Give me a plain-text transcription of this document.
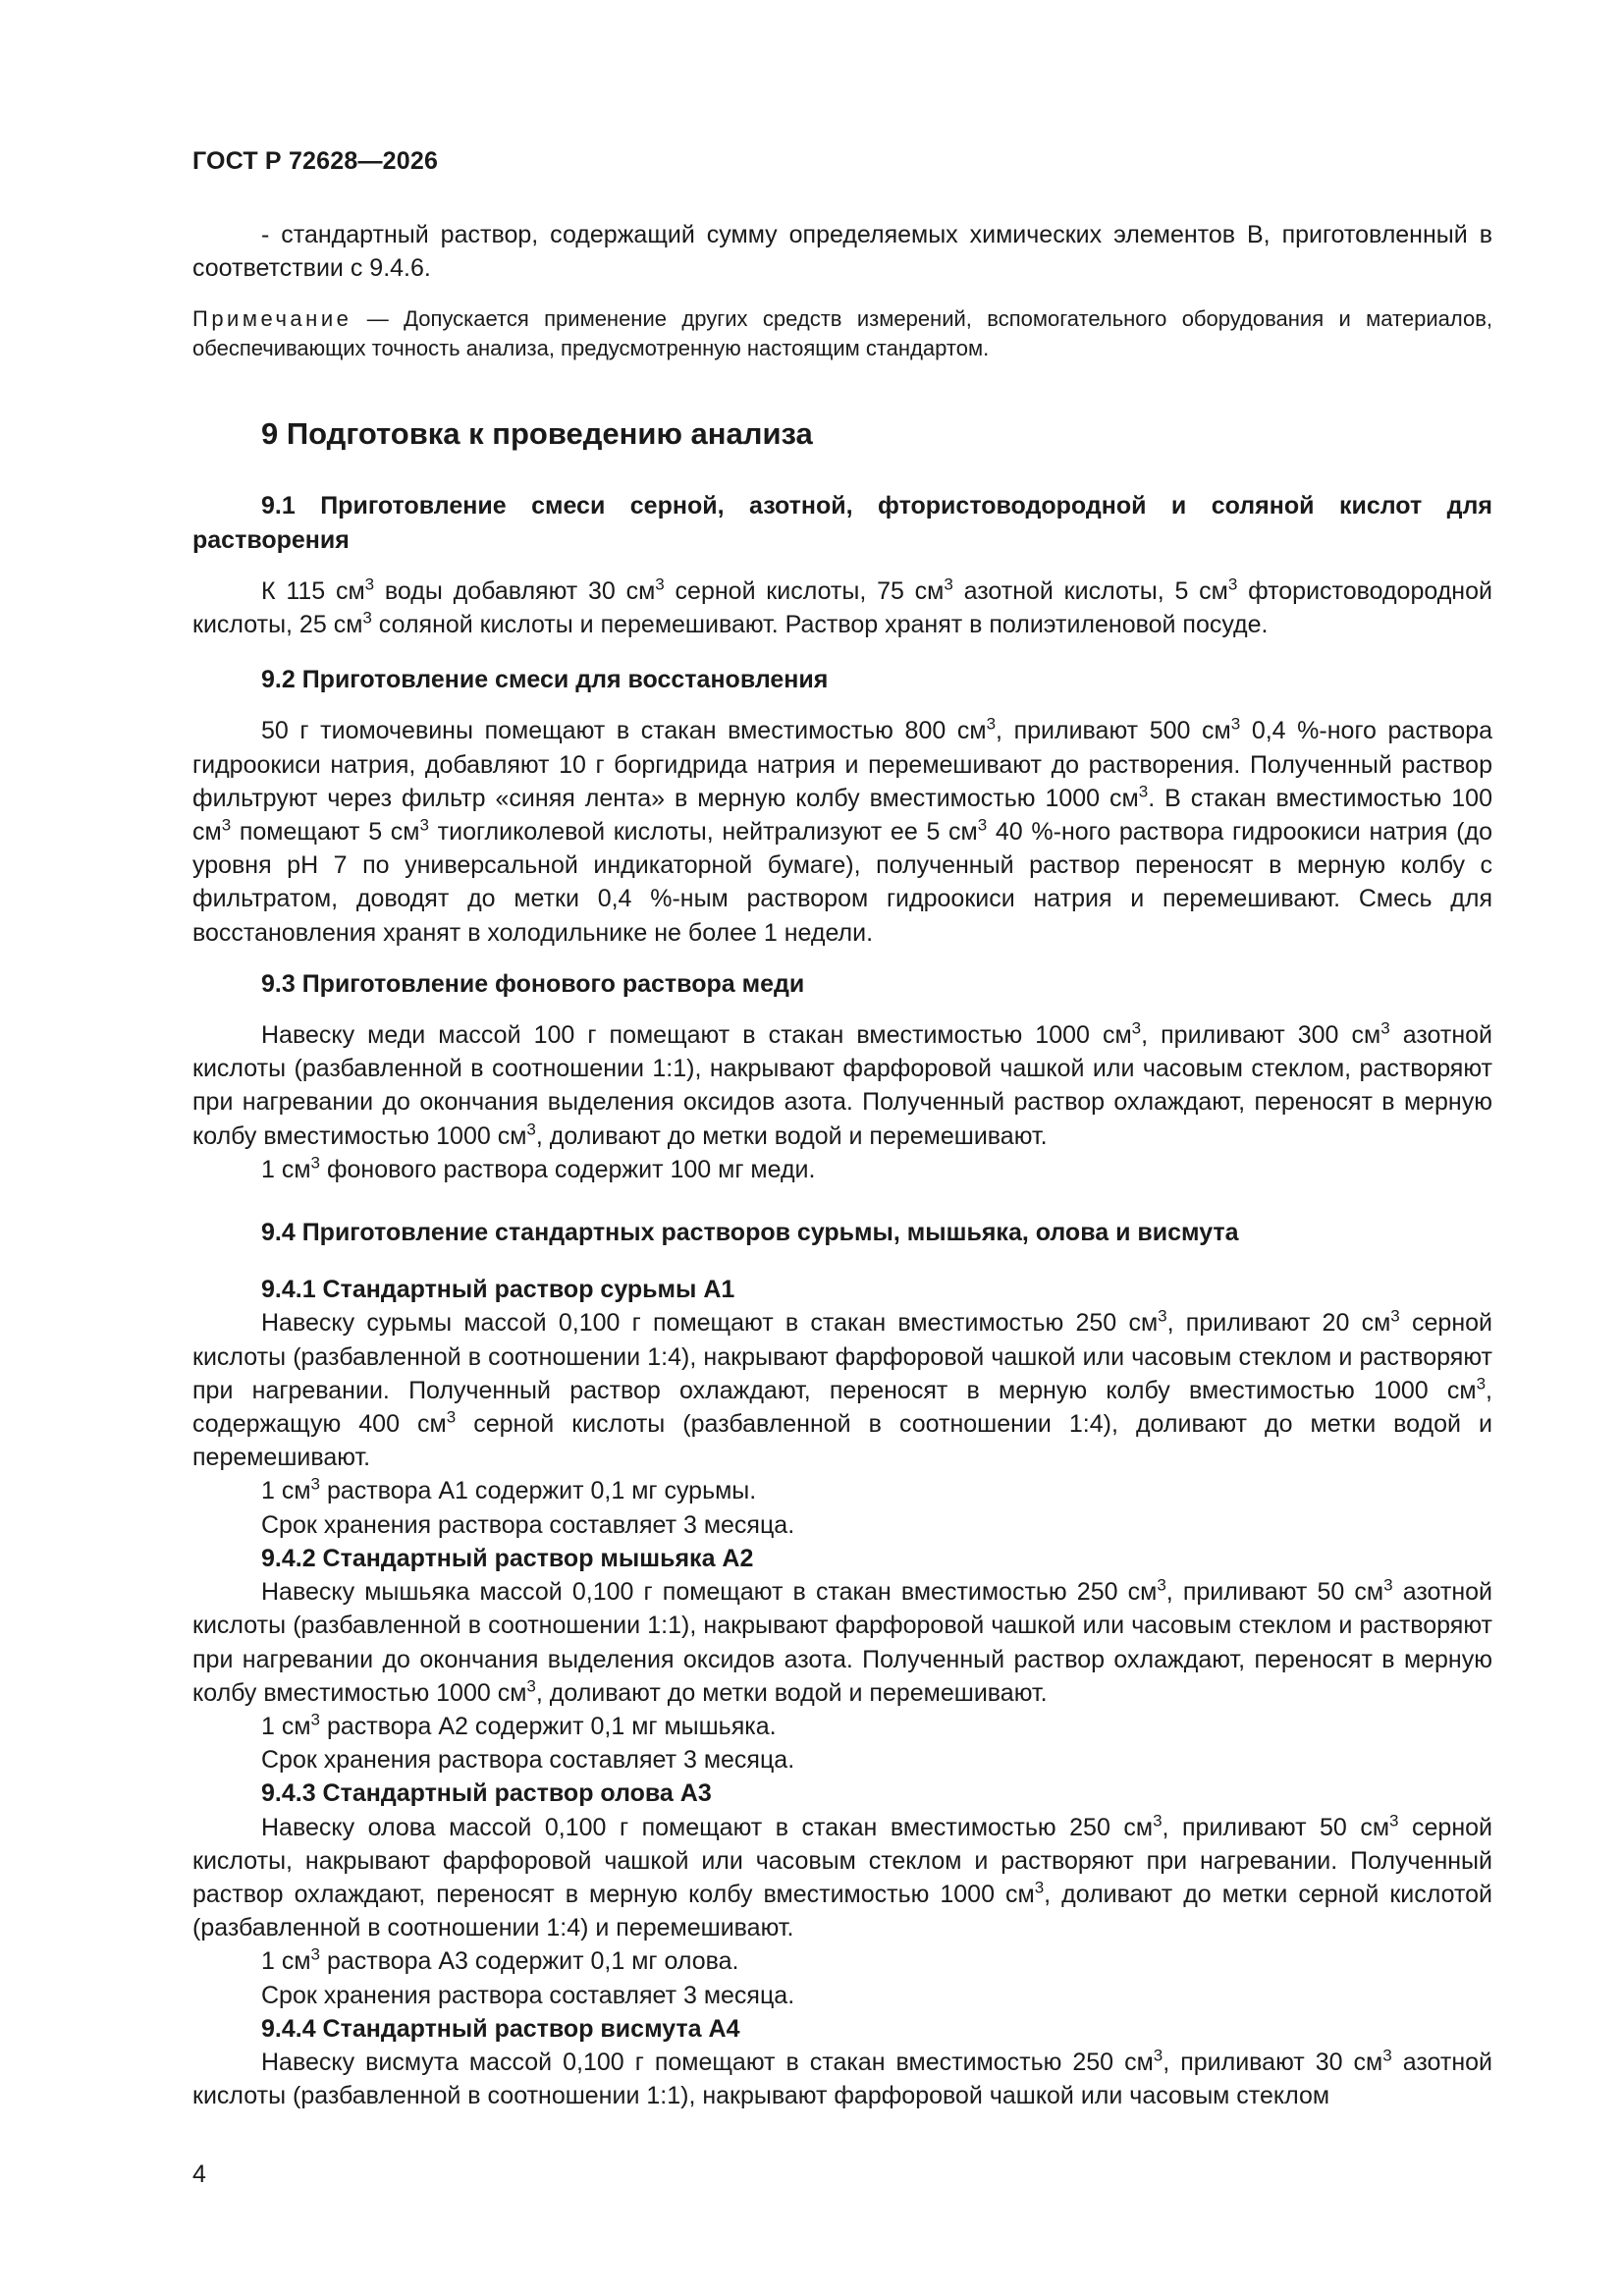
ГОСТ Р 72628—2026

- стандартный раствор, содержащий сумму определяемых химических элементов В, приготовленный в соответствии с 9.4.6.

Примечание — Допускается применение других средств измерений, вспомогательного оборудования и материалов, обеспечивающих точность анализа, предусмотренную настоящим стандартом.

9 Подготовка к проведению анализа
9.1 Приготовление смеси серной, азотной, фтористоводородной и соляной кислот для растворения

К 115 $см^3$ воды добавляют 30 $см^3$ серной кислоты, 75 $см^3$ азотной кислоты, 5 $см^3$ фтористоводородной кислоты, 25 $см^3$ соляной кислоты и перемешивают. Раствор хранят в полиэтиленовой посуде.

9.2 Приготовление смеси для восстановления

50 г тиомочевины помещают в стакан вместимостью 800 $см^3$, приливают 500 $см^3$ 0,4 %-ного раствора гидроокиси натрия, добавляют 10 г боргидрида натрия и перемешивают до растворения. Полученный раствор фильтруют через фильтр «синяя лента» в мерную колбу вместимостью 1000 $см^3$. В стакан вместимостью 100 $см^3$ помещают 5 $см^3$ тиогликолевой кислоты, нейтрализуют ее 5 $см^3$ 40 %-ного раствора гидроокиси натрия (до уровня рН 7 по универсальной индикаторной бумаге), полученный раствор переносят в мерную колбу с фильтратом, доводят до метки 0,4 %-ным раствором гидроокиси натрия и перемешивают. Смесь для восстановления хранят в холодильнике не более 1 недели.

9.3 Приготовление фонового раствора меди

Навеску меди массой 100 г помещают в стакан вместимостью 1000 $см^3$, приливают 300 $см^3$ азотной кислоты (разбавленной в соотношении 1:1), накрывают фарфоровой чашкой или часовым стеклом, растворяют при нагревании до окончания выделения оксидов азота. Полученный раствор охлаждают, переносят в мерную колбу вместимостью 1000 $см^3$, доливают до метки водой и перемешивают.

1 $см^3$ фонового раствора содержит 100 мг меди.

9.4 Приготовление стандартных растворов сурьмы, мышьяка, олова и висмута
9.4.1 Стандартный раствор сурьмы А1

Навеску сурьмы массой 0,100 г помещают в стакан вместимостью 250 $см^3$, приливают 20 $см^3$ серной кислоты (разбавленной в соотношении 1:4), накрывают фарфоровой чашкой или часовым стеклом и растворяют при нагревании. Полученный раствор охлаждают, переносят в мерную колбу вместимостью 1000 $см^3$, содержащую 400 $см^3$ серной кислоты (разбавленной в соотношении 1:4), доливают до метки водой и перемешивают.

1 $см^3$ раствора А1 содержит 0,1 мг сурьмы.

Срок хранения раствора составляет 3 месяца.

9.4.2 Стандартный раствор мышьяка А2

Навеску мышьяка массой 0,100 г помещают в стакан вместимостью 250 $см^3$, приливают 50 $см^3$ азотной кислоты (разбавленной в соотношении 1:1), накрывают фарфоровой чашкой или часовым стеклом и растворяют при нагревании до окончания выделения оксидов азота. Полученный раствор охлаждают, переносят в мерную колбу вместимостью 1000 $см^3$, доливают до метки водой и перемешивают.

1 $см^3$ раствора А2 содержит 0,1 мг мышьяка.

Срок хранения раствора составляет 3 месяца.

9.4.3 Стандартный раствор олова А3

Навеску олова массой 0,100 г помещают в стакан вместимостью 250 $см^3$, приливают 50 $см^3$ серной кислоты, накрывают фарфоровой чашкой или часовым стеклом и растворяют при нагревании. Полученный раствор охлаждают, переносят в мерную колбу вместимостью 1000 $см^3$, доливают до метки серной кислотой (разбавленной в соотношении 1:4) и перемешивают.

1 $см^3$ раствора А3 содержит 0,1 мг олова.

Срок хранения раствора составляет 3 месяца.

9.4.4 Стандартный раствор висмута А4

Навеску висмута массой 0,100 г помещают в стакан вместимостью 250 $см^3$, приливают 30 $см^3$ азотной кислоты (разбавленной в соотношении 1:1), накрывают фарфоровой чашкой или часовым стеклом

4
